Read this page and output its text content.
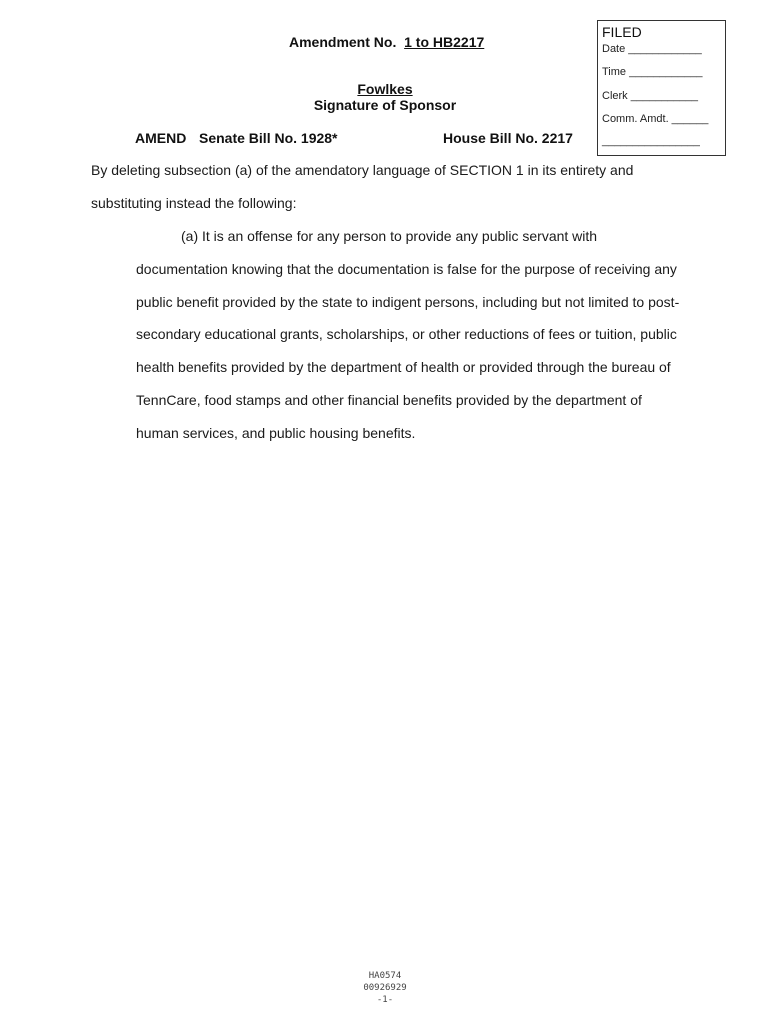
Amendment No. 1 to HB2217
Fowlkes
Signature of Sponsor
AMEND Senate Bill No. 1928*	House Bill No. 2217
FILED
Date ____________
Time ____________
Clerk ___________
Comm. Amdt. ______
________________
By deleting subsection (a) of the amendatory language of SECTION 1 in its entirety and
substituting instead the following:
(a) It is an offense for any person to provide any public servant with
documentation knowing that the documentation is false for the purpose of receiving any
public benefit provided by the state to indigent persons, including but not limited to post-
secondary educational grants, scholarships, or other reductions of fees or tuition, public
health benefits provided by the department of health or provided through the bureau of
TennCare, food stamps and other financial benefits provided by the department of
human services, and public housing benefits.
HA0574
00926929
-1-
